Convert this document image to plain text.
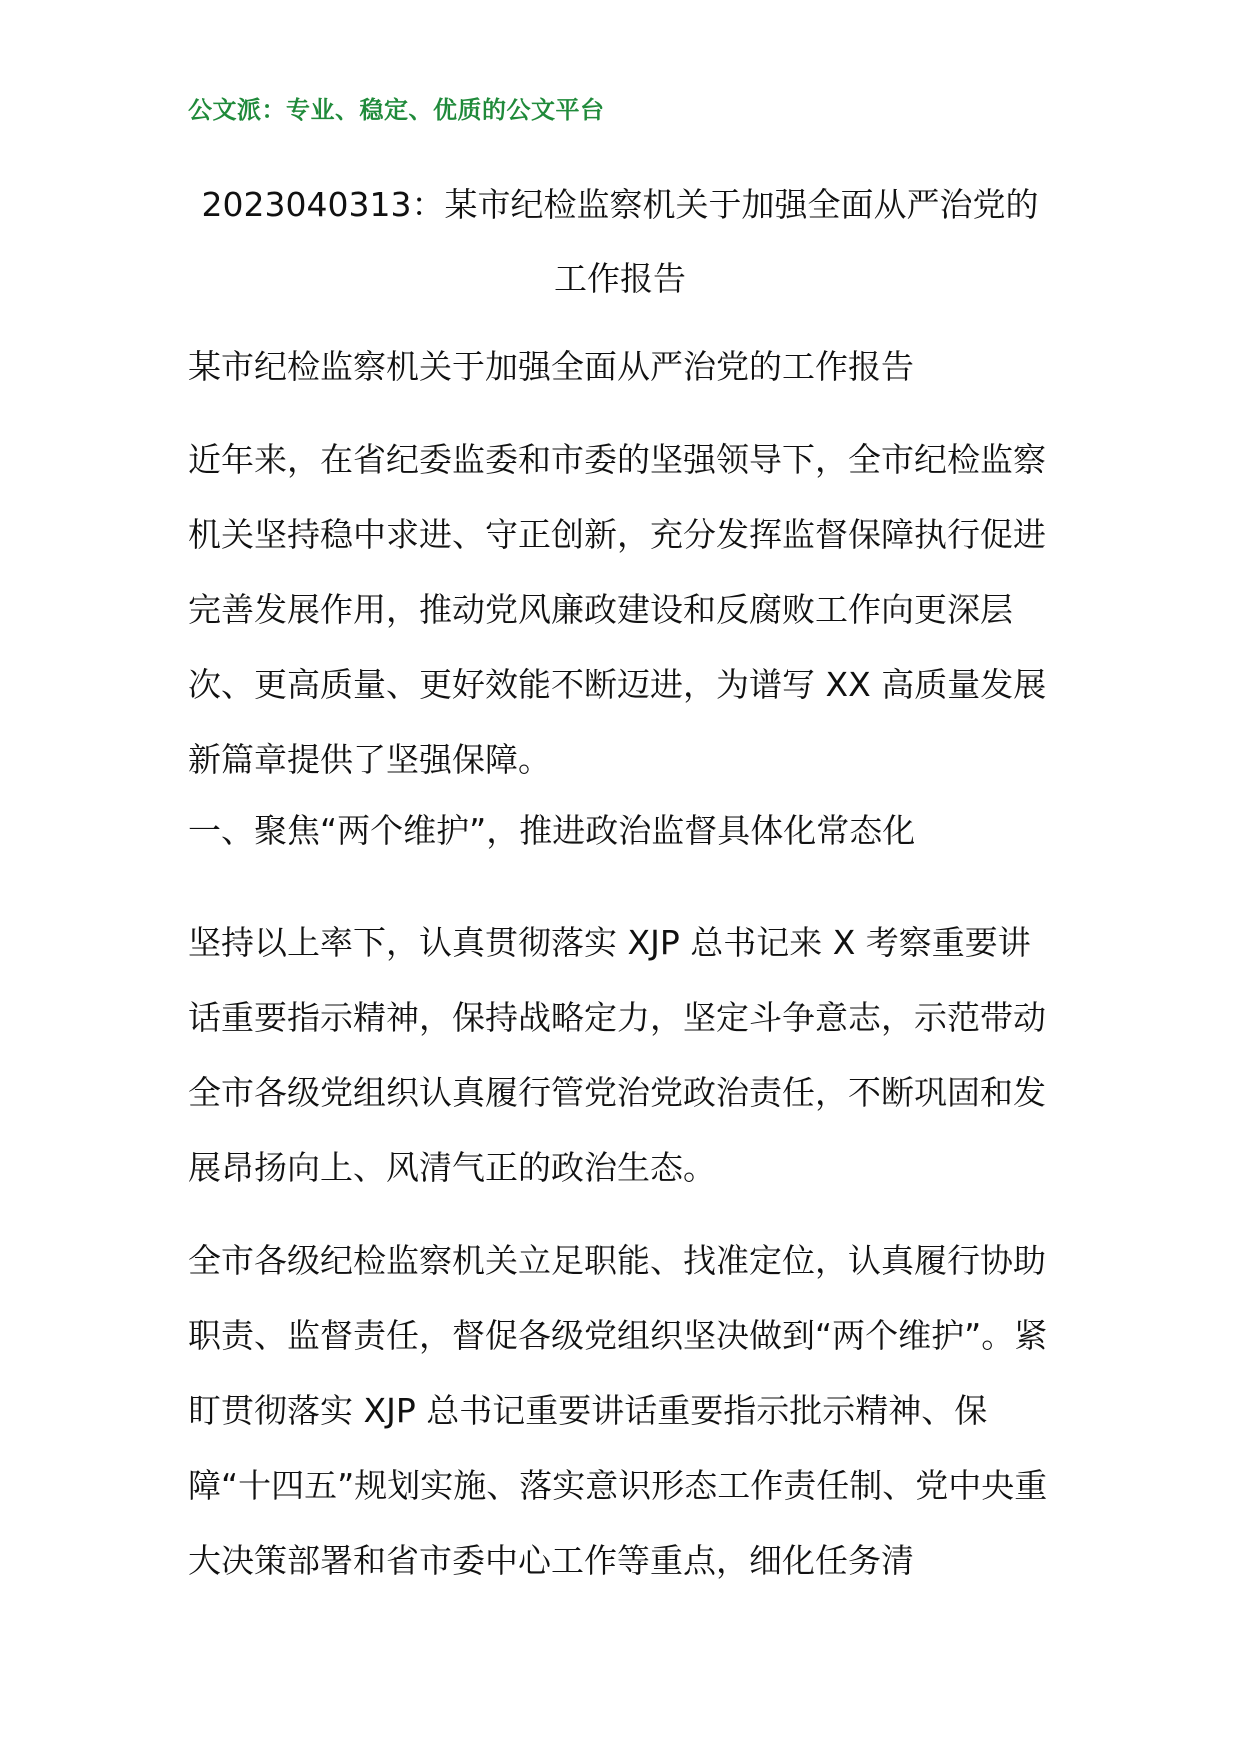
公文派：专业、稳定、优质的公文平台
2023040313：某市纪检监察机关于加强全面从严治党的工作报告

某市纪检监察机关于加强全面从严治党的工作报告

近年来，在省纪委监委和市委的坚强领导下，全市纪检监察机关坚持稳中求进、守正创新，充分发挥监督保障执行促进完善发展作用，推动党风廉政建设和反腐败工作向更深层次、更高质量、更好效能不断迈进，为谱写 XX 高质量发展新篇章提供了坚强保障。

一、聚焦“两个维护”，推进政治监督具体化常态化

坚持以上率下，认真贯彻落实 XJP 总书记来 X 考察重要讲话重要指示精神，保持战略定力，坚定斗争意志，示范带动全市各级党组织认真履行管党治党政治责任，不断巩固和发展昂扬向上、风清气正的政治生态。

全市各级纪检监察机关立足职能、找准定位，认真履行协助职责、监督责任，督促各级党组织坚决做到“两个维护”。紧盯贯彻落实 XJP 总书记重要讲话重要指示批示精神、保障“十四五”规划实施、落实意识形态工作责任制、党中央重大决策部署和省市委中心工作等重点，细化任务清
